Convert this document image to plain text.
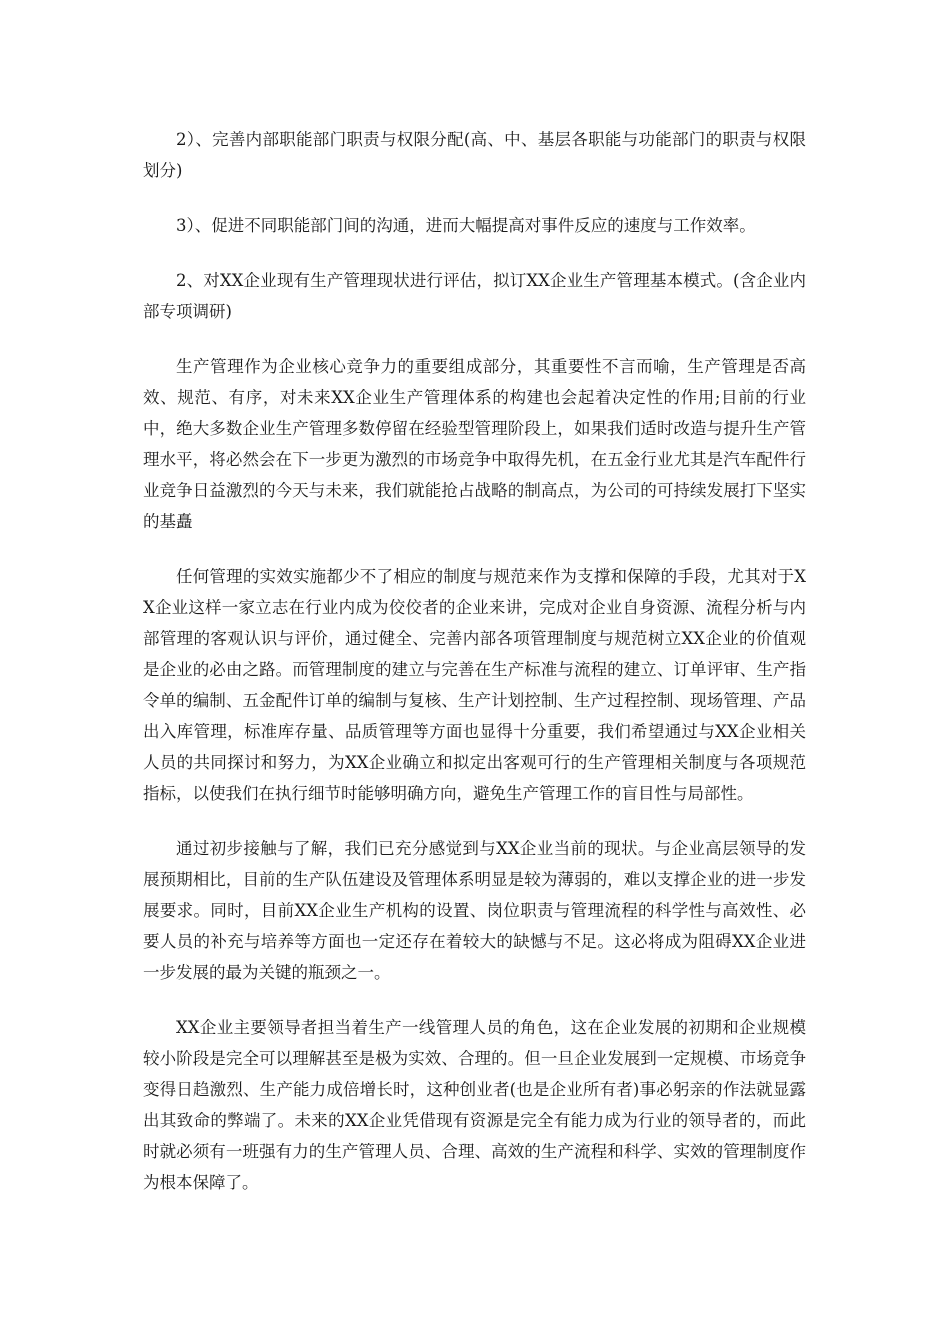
2）、完善内部职能部门职责与权限分配(高、中、基层各职能与功能部门的职责与权限划分)

3）、促进不同职能部门间的沟通，进而大幅提高对事件反应的速度与工作效率。

2、对XX企业现有生产管理现状进行评估，拟订XX企业生产管理基本模式。(含企业内部专项调研)

生产管理作为企业核心竞争力的重要组成部分，其重要性不言而喻，生产管理是否高效、规范、有序，对未来XX企业生产管理体系的构建也会起着决定性的作用;目前的行业中，绝大多数企业生产管理多数停留在经验型管理阶段上，如果我们适时改造与提升生产管理水平，将必然会在下一步更为激烈的市场竞争中取得先机，在五金行业尤其是汽车配件行业竞争日益激烈的今天与未来，我们就能抢占战略的制高点，为公司的可持续发展打下坚实的基矗

任何管理的实效实施都少不了相应的制度与规范来作为支撑和保障的手段，尤其对于XX企业这样一家立志在行业内成为佼佼者的企业来讲，完成对企业自身资源、流程分析与内部管理的客观认识与评价，通过健全、完善内部各项管理制度与规范树立XX企业的价值观是企业的必由之路。而管理制度的建立与完善在生产标准与流程的建立、订单评审、生产指令单的编制、五金配件订单的编制与复核、生产计划控制、生产过程控制、现场管理、产品出入库管理，标准库存量、品质管理等方面也显得十分重要，我们希望通过与XX企业相关人员的共同探讨和努力，为XX企业确立和拟定出客观可行的生产管理相关制度与各项规范指标，以使我们在执行细节时能够明确方向，避免生产管理工作的盲目性与局部性。

通过初步接触与了解，我们已充分感觉到与XX企业当前的现状。与企业高层领导的发展预期相比，目前的生产队伍建设及管理体系明显是较为薄弱的，难以支撑企业的进一步发展要求。同时，目前XX企业生产机构的设置、岗位职责与管理流程的科学性与高效性、必要人员的补充与培养等方面也一定还存在着较大的缺憾与不足。这必将成为阻碍XX企业进一步发展的最为关键的瓶颈之一。

XX企业主要领导者担当着生产一线管理人员的角色，这在企业发展的初期和企业规模较小阶段是完全可以理解甚至是极为实效、合理的。但一旦企业发展到一定规模、市场竞争变得日趋激烈、生产能力成倍增长时，这种创业者(也是企业所有者)事必躬亲的作法就显露出其致命的弊端了。未来的XX企业凭借现有资源是完全有能力成为行业的领导者的，而此时就必须有一班强有力的生产管理人员、合理、高效的生产流程和科学、实效的管理制度作为根本保障了。
